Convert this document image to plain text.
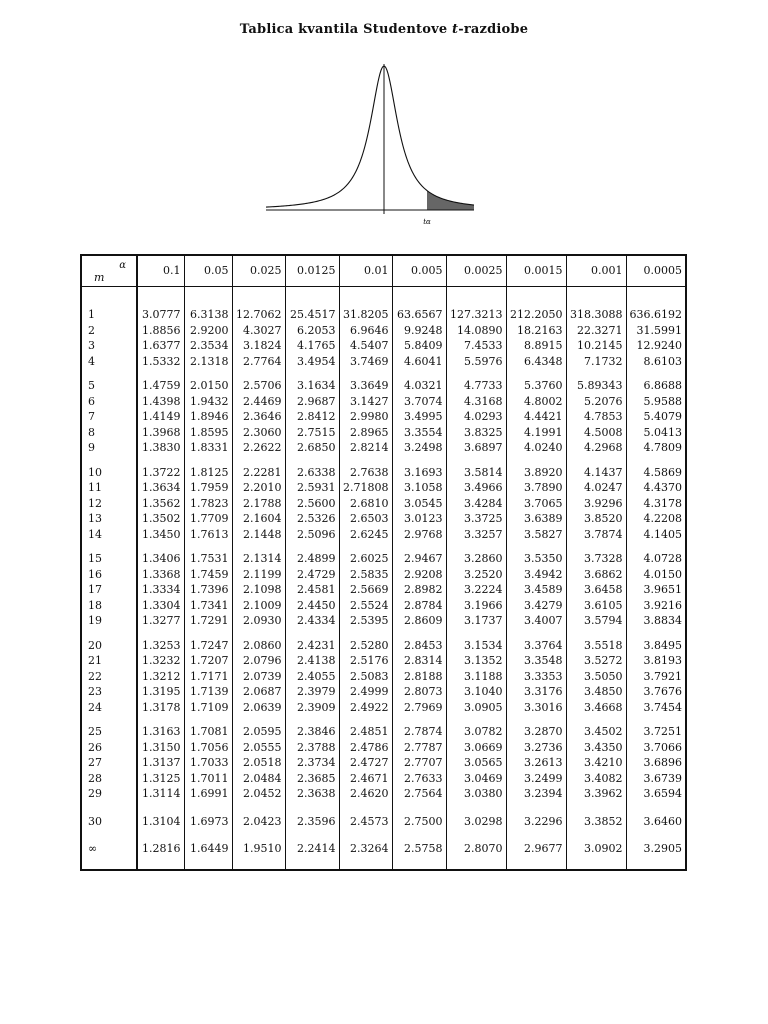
Tablica kvantila Studentove t-razdiobe
tα
α
m	0.1	0.05	0.025	0.0125	0.01	0.005	0.0025	0.0015	0.001	0.0005

1	3.0777	6.3138	12.7062	25.4517	31.8205	63.6567	127.3213	212.2050	318.3088	636.6192
2	1.8856	2.9200	4.3027	6.2053	6.9646	9.9248	14.0890	18.2163	22.3271	31.5991
3	1.6377	2.3534	3.1824	4.1765	4.5407	5.8409	7.4533	8.8915	10.2145	12.9240
4	1.5332	2.1318	2.7764	3.4954	3.7469	4.6041	5.5976	6.4348	7.1732	8.6103

5	1.4759	2.0150	2.5706	3.1634	3.3649	4.0321	4.7733	5.3760	5.89343	6.8688
6	1.4398	1.9432	2.4469	2.9687	3.1427	3.7074	4.3168	4.8002	5.2076	5.9588
7	1.4149	1.8946	2.3646	2.8412	2.9980	3.4995	4.0293	4.4421	4.7853	5.4079
8	1.3968	1.8595	2.3060	2.7515	2.8965	3.3554	3.8325	4.1991	4.5008	5.0413
9	1.3830	1.8331	2.2622	2.6850	2.8214	3.2498	3.6897	4.0240	4.2968	4.7809

10	1.3722	1.8125	2.2281	2.6338	2.7638	3.1693	3.5814	3.8920	4.1437	4.5869
11	1.3634	1.7959	2.2010	2.5931	2.71808	3.1058	3.4966	3.7890	4.0247	4.4370
12	1.3562	1.7823	2.1788	2.5600	2.6810	3.0545	3.4284	3.7065	3.9296	4.3178
13	1.3502	1.7709	2.1604	2.5326	2.6503	3.0123	3.3725	3.6389	3.8520	4.2208
14	1.3450	1.7613	2.1448	2.5096	2.6245	2.9768	3.3257	3.5827	3.7874	4.1405

15	1.3406	1.7531	2.1314	2.4899	2.6025	2.9467	3.2860	3.5350	3.7328	4.0728
16	1.3368	1.7459	2.1199	2.4729	2.5835	2.9208	3.2520	3.4942	3.6862	4.0150
17	1.3334	1.7396	2.1098	2.4581	2.5669	2.8982	3.2224	3.4589	3.6458	3.9651
18	1.3304	1.7341	2.1009	2.4450	2.5524	2.8784	3.1966	3.4279	3.6105	3.9216
19	1.3277	1.7291	2.0930	2.4334	2.5395	2.8609	3.1737	3.4007	3.5794	3.8834

20	1.3253	1.7247	2.0860	2.4231	2.5280	2.8453	3.1534	3.3764	3.5518	3.8495
21	1.3232	1.7207	2.0796	2.4138	2.5176	2.8314	3.1352	3.3548	3.5272	3.8193
22	1.3212	1.7171	2.0739	2.4055	2.5083	2.8188	3.1188	3.3353	3.5050	3.7921
23	1.3195	1.7139	2.0687	2.3979	2.4999	2.8073	3.1040	3.3176	3.4850	3.7676
24	1.3178	1.7109	2.0639	2.3909	2.4922	2.7969	3.0905	3.3016	3.4668	3.7454

25	1.3163	1.7081	2.0595	2.3846	2.4851	2.7874	3.0782	3.2870	3.4502	3.7251
26	1.3150	1.7056	2.0555	2.3788	2.4786	2.7787	3.0669	3.2736	3.4350	3.7066
27	1.3137	1.7033	2.0518	2.3734	2.4727	2.7707	3.0565	3.2613	3.4210	3.6896
28	1.3125	1.7011	2.0484	2.3685	2.4671	2.7633	3.0469	3.2499	3.4082	3.6739
29	1.3114	1.6991	2.0452	2.3638	2.4620	2.7564	3.0380	3.2394	3.3962	3.6594

30	1.3104	1.6973	2.0423	2.3596	2.4573	2.7500	3.0298	3.2296	3.3852	3.6460

∞	1.2816	1.6449	1.9510	2.2414	2.3264	2.5758	2.8070	2.9677	3.0902	3.2905
